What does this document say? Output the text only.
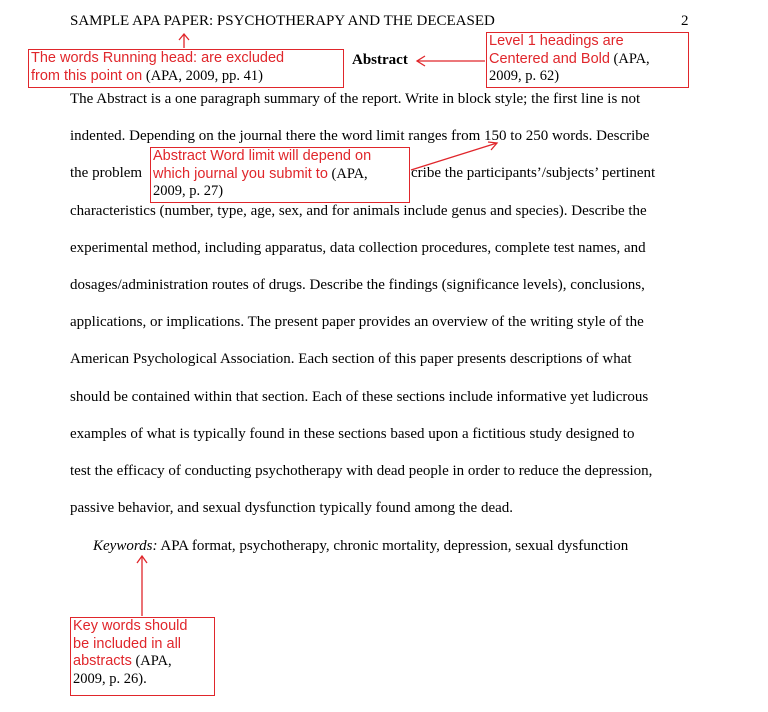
SAMPLE APA PAPER: PSYCHOTHERAPY AND THE DECEASED	2
Abstract
The Abstract is a one paragraph summary of the report. Write in block style; the first line is not
indented. Depending on the journal there the word limit ranges from 150 to 250 words. Describe
the problem	cribe the participants’/subjects’ pertinent
characteristics (number, type, age, sex, and for animals include genus and species). Describe the
experimental method, including apparatus, data collection procedures, complete test names, and
dosages/administration routes of drugs. Describe the findings (significance levels), conclusions,
applications, or implications. The present paper provides an overview of the writing style of the
American Psychological Association. Each section of this paper presents descriptions of what
should be contained within that section. Each of these sections include informative yet ludicrous
examples of what is typically found in these sections based upon a fictitious study designed to
test the efficacy of conducting psychotherapy with dead people in order to reduce the depression,
passive behavior, and sexual dysfunction typically found among the dead.
Keywords: APA format, psychotherapy, chronic mortality, depression, sexual dysfunction
The words Running head: are excluded
from this point on (APA, 2009, pp. 41)
Level 1 headings are
Centered and Bold (APA,
2009, p. 62)
Abstract Word limit will depend on
which journal you submit to (APA,
2009, p. 27)
Key words should
be included in all
abstracts (APA,
2009, p. 26).
